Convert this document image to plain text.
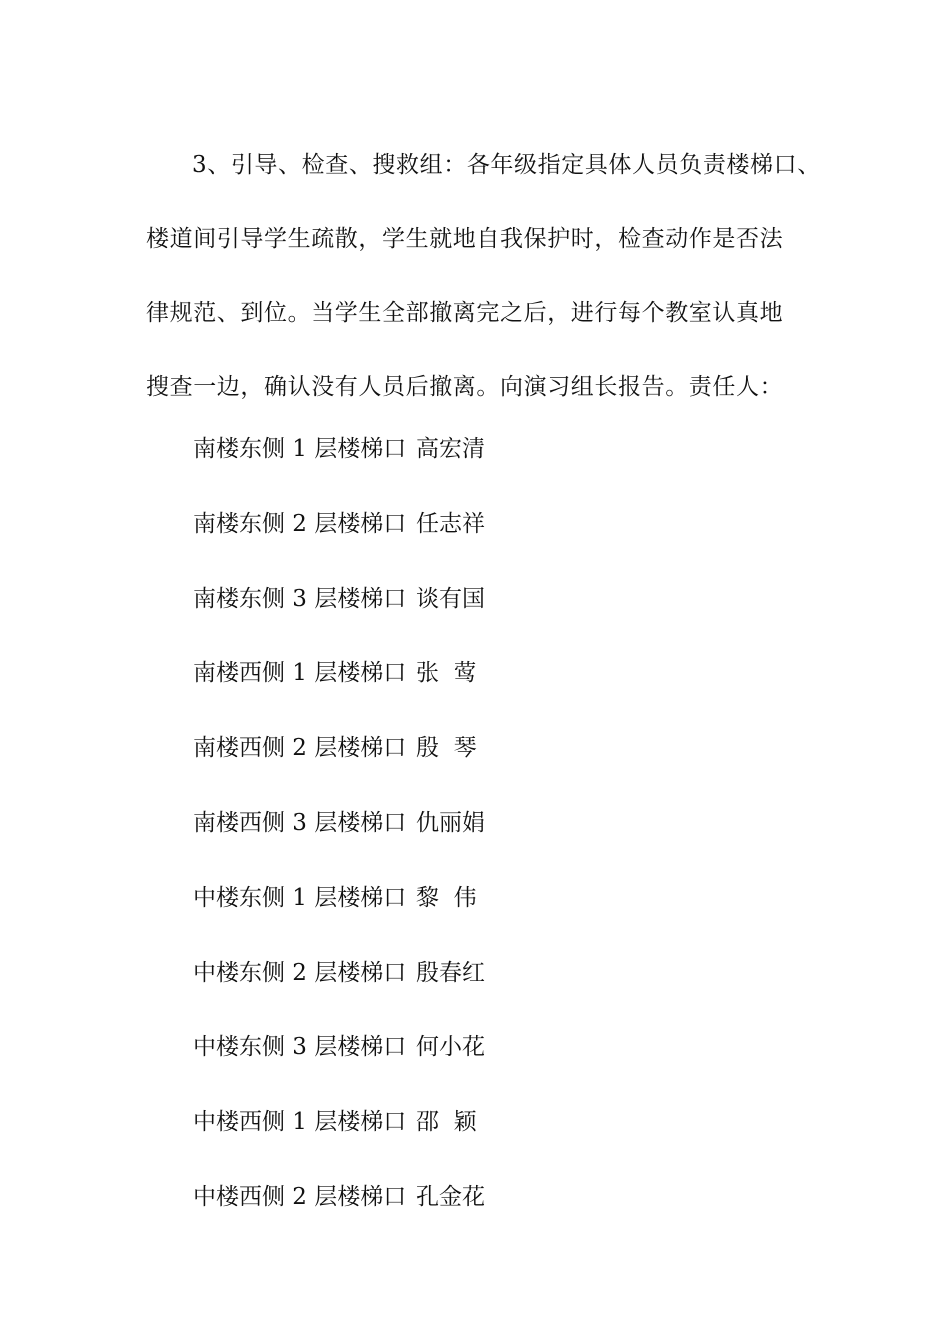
3、引导、检查、搜救组：各年级指定具体人员负责楼梯口、
楼道间引导学生疏散，学生就地自我保护时，检查动作是否法
律规范、到位。当学生全部撤离完之后，进行每个教室认真地
搜查一边，确认没有人员后撤离。向演习组长报告。责任人：
南楼东侧 1 层楼梯口 高宏清
南楼东侧 2 层楼梯口 任志祥
南楼东侧 3 层楼梯口 谈有国
南楼西侧 1 层楼梯口 张  莺
南楼西侧 2 层楼梯口 殷  琴
南楼西侧 3 层楼梯口 仇丽娟
中楼东侧 1 层楼梯口 黎  伟
中楼东侧 2 层楼梯口 殷春红
中楼东侧 3 层楼梯口 何小花
中楼西侧 1 层楼梯口 邵  颖
中楼西侧 2 层楼梯口 孔金花
